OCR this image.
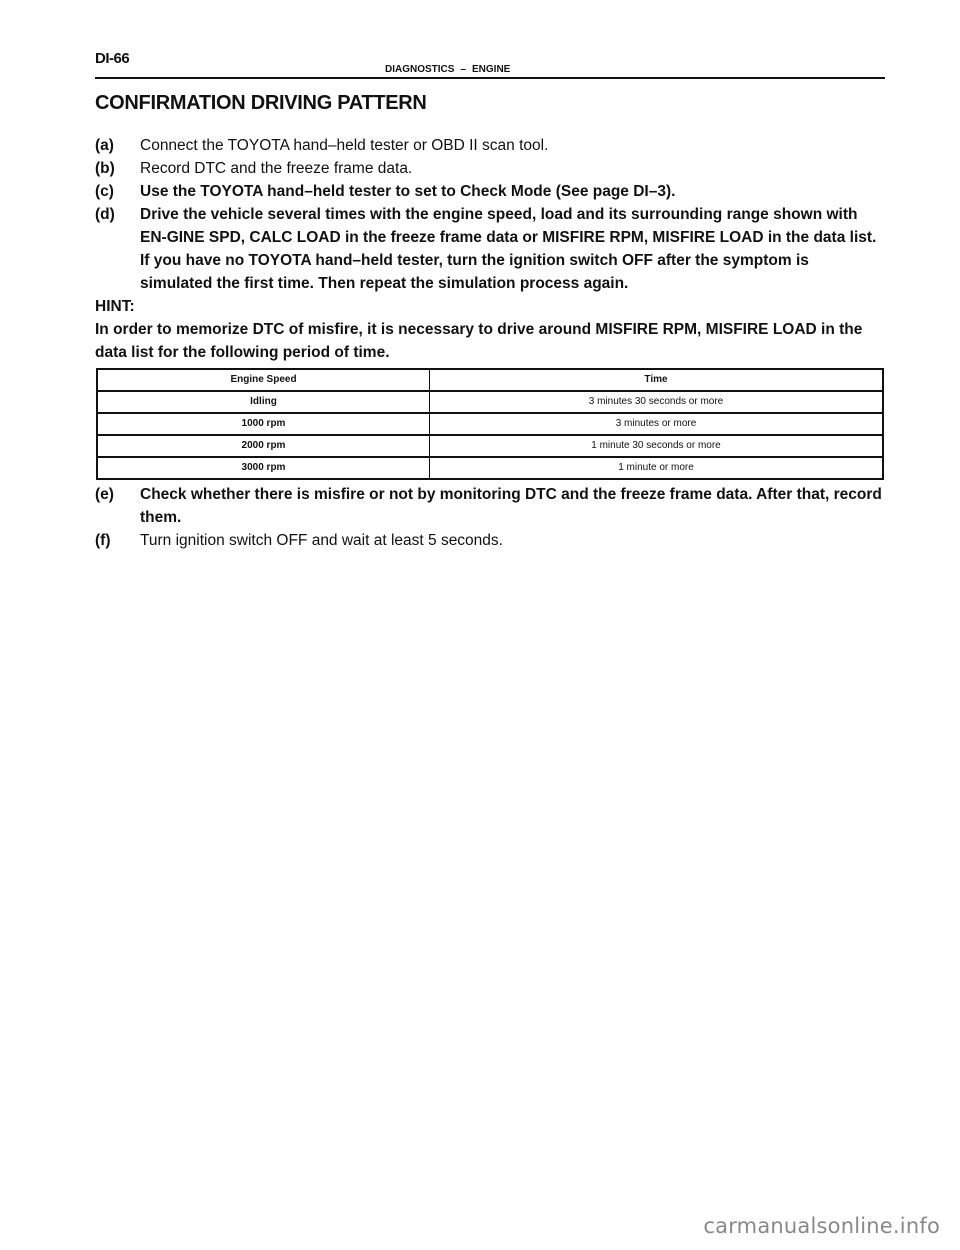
DI-66
DIAGNOSTICS – ENGINE
CONFIRMATION DRIVING PATTERN
(a)	Connect the TOYOTA hand–held tester or OBD II scan tool.
(b)	Record DTC and the freeze frame data.
(c)	Use the TOYOTA hand–held tester to set to Check Mode (See page DI–3).
(d)	Drive the vehicle several times with the engine speed, load and its surrounding range shown with EN-GINE SPD, CALC LOAD in the freeze frame data or MISFIRE RPM, MISFIRE LOAD in the data list. If you have no TOYOTA hand–held tester, turn the ignition switch OFF after the symptom is simulated the first time. Then repeat the simulation process again.
HINT:
In order to memorize DTC of misfire, it is necessary to drive around MISFIRE RPM, MISFIRE LOAD in the data list for the following period of time.
Engine Speed	Time
Idling	3 minutes 30 seconds or more
1000 rpm	3 minutes or more
2000 rpm	1 minute 30 seconds or more
3000 rpm	1 minute or more
(e)	Check whether there is misfire or not by monitoring DTC and the freeze frame data. After that, record them.
(f)	Turn ignition switch OFF and wait at least 5 seconds.
carmanualsonline.info
